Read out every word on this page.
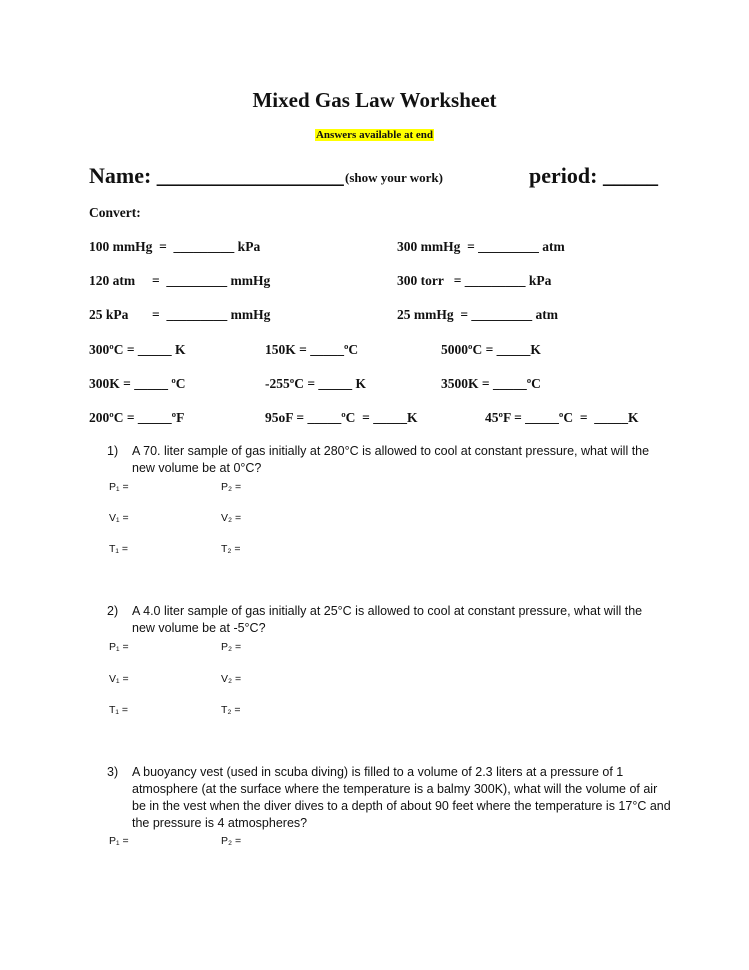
Mixed Gas Law Worksheet
Answers available at end
Name: _________________ (show your work)	period: _____
Convert:
100 mmHg  =  _________ kPa	300 mmHg  = _________ atm
120 atm     =  _________ mmHg	300 torr   = _________ kPa
25 kPa       =  _________ mmHg	25 mmHg  = _________ atm
300ºC = _____ K	150K = _____ºC	5000ºC = _____K
300K = _____ ºC	-255ºC = _____ K	3500K = _____ºC
200ºC = _____ºF	95oF = _____ºC  = _____K	45ºF = _____ºC  =  _____K
1) A 70. liter sample of gas initially at 280°C is allowed to cool at constant pressure, what will the new volume be at 0°C?
P₁ =	P₂ =
V₁ =	V₂ =
T₁ =	T₂ =
2) A 4.0 liter sample of gas initially at 25°C is allowed to cool at constant pressure, what will the new volume be at -5°C?
P₁ =	P₂ =
V₁ =	V₂ =
T₁ =	T₂ =
3) A buoyancy vest (used in scuba diving) is filled to a volume of 2.3 liters at a pressure of 1 atmosphere (at the surface where the temperature is a balmy 300K), what will the volume of air be in the vest when the diver dives to a depth of about 90 feet where the temperature is 17°C and the pressure is 4 atmospheres?
P₁ =	P₂ =
